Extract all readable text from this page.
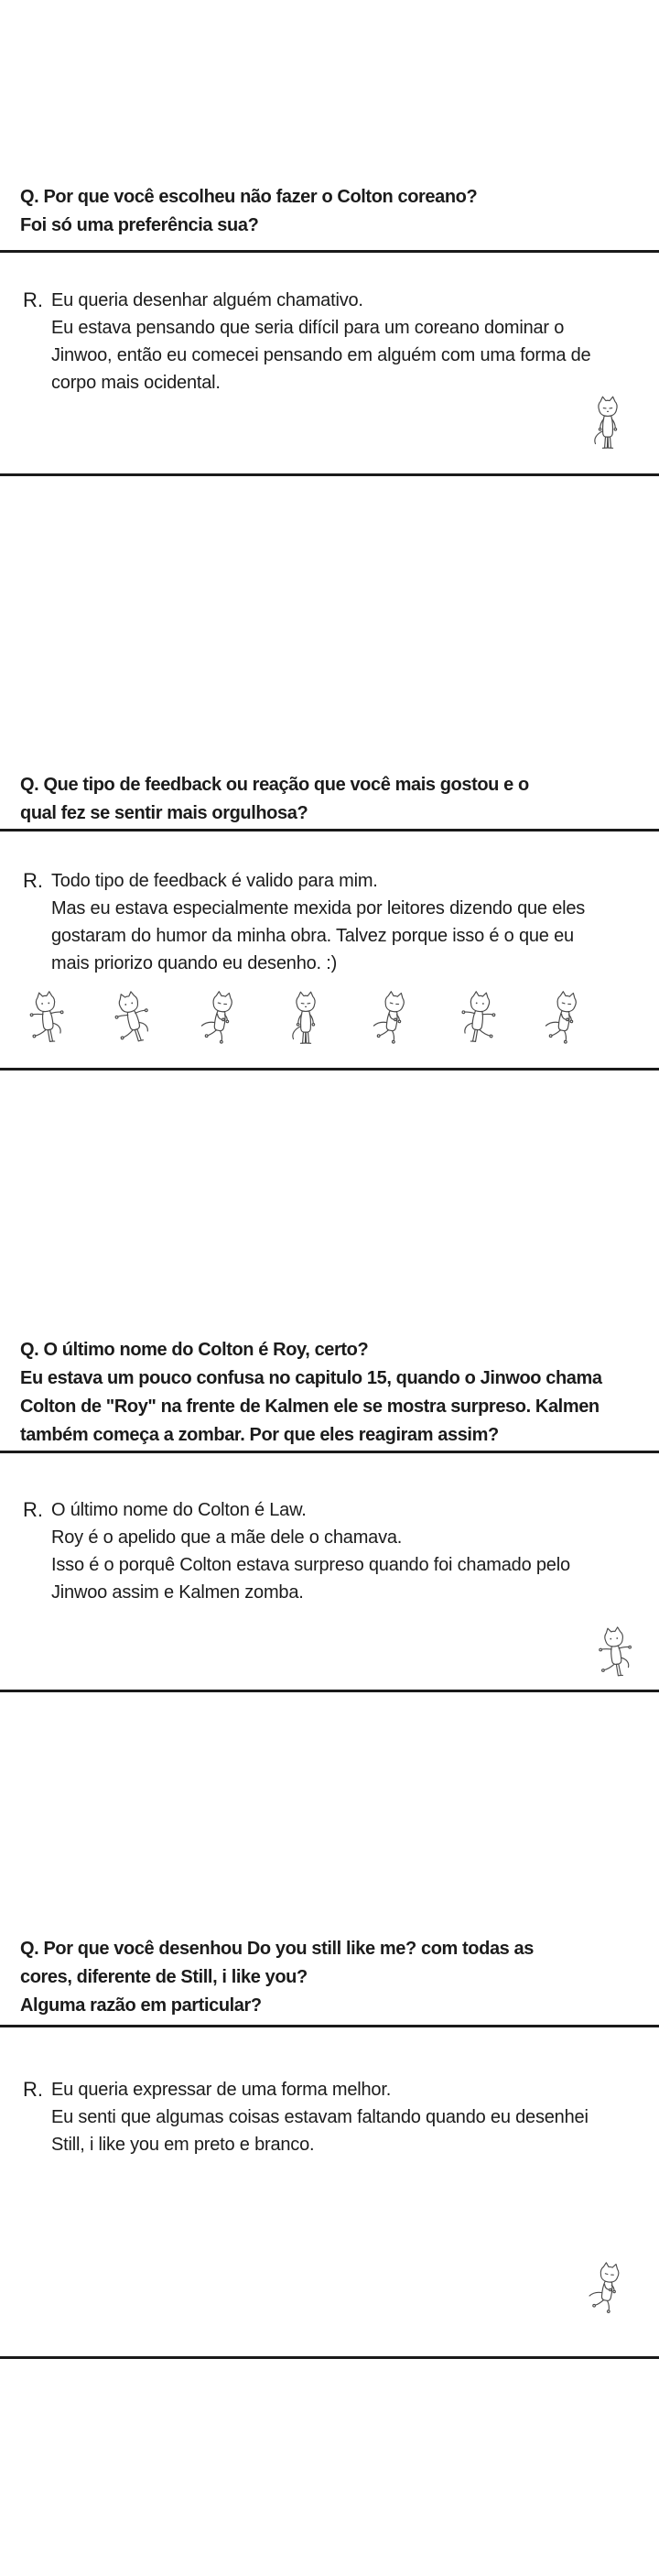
Q. Por que você escolheu não fazer o Colton coreano?
Foi só uma preferência sua?
R. Eu queria desenhar alguém chamativo.
Eu estava pensando que seria difícil para um coreano dominar o
Jinwoo, então eu comecei pensando em alguém com uma forma de
corpo mais ocidental.
Q. Que tipo de feedback ou reação que você mais gostou e o
qual fez se sentir mais orgulhosa?
R. Todo tipo de feedback é valido para mim.
Mas eu estava especialmente mexida por leitores dizendo que eles
gostaram do humor da minha obra. Talvez porque isso é o que eu
mais priorizo quando eu desenho. :)
Q. O último nome do Colton é Roy, certo?
Eu estava um pouco confusa no capitulo 15, quando o Jinwoo chama
Colton de "Roy" na frente de Kalmen ele se mostra surpreso. Kalmen
também começa a zombar. Por que eles reagiram assim?
R. O último nome do Colton é Law.
Roy é o apelido que a mãe dele o chamava.
Isso é o porquê Colton estava surpreso quando foi chamado pelo
Jinwoo assim e Kalmen zomba.
Q. Por que você desenhou Do you still like me? com todas as
cores, diferente de Still, i like you?
Alguma razão em particular?
R. Eu queria expressar de uma forma melhor.
Eu senti que algumas coisas estavam faltando quando eu desenhei
Still, i like you em preto e branco.
